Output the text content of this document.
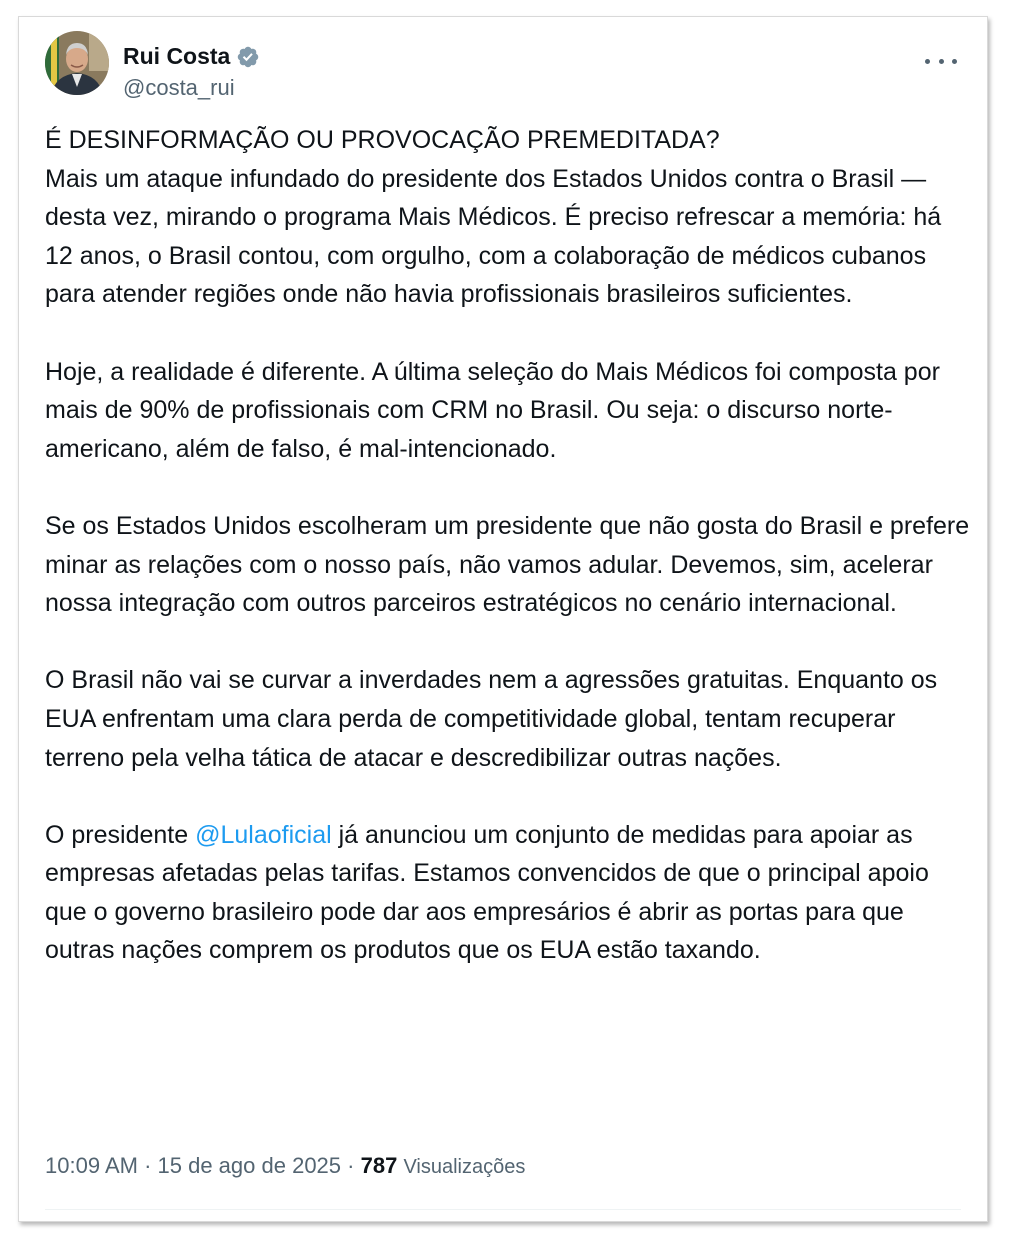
Rui Costa
@costa_rui
É DESINFORMAÇÃO OU PROVOCAÇÃO PREMEDITADA?
Mais um ataque infundado do presidente dos Estados Unidos contra o Brasil — desta vez, mirando o programa Mais Médicos. É preciso refrescar a memória: há 12 anos, o Brasil contou, com orgulho, com a colaboração de médicos cubanos para atender regiões onde não havia profissionais brasileiros suficientes.
Hoje, a realidade é diferente. A última seleção do Mais Médicos foi composta por mais de 90% de profissionais com CRM no Brasil. Ou seja: o discurso norte-americano, além de falso, é mal-intencionado.
Se os Estados Unidos escolheram um presidente que não gosta do Brasil e prefere minar as relações com o nosso país, não vamos adular. Devemos, sim, acelerar nossa integração com outros parceiros estratégicos no cenário internacional.
O Brasil não vai se curvar a inverdades nem a agressões gratuitas. Enquanto os EUA enfrentam uma clara perda de competitividade global, tentam recuperar terreno pela velha tática de atacar e descredibilizar outras nações.
O presidente @Lulaoficial já anunciou um conjunto de medidas para apoiar as empresas afetadas pelas tarifas. Estamos convencidos de que o principal apoio que o governo brasileiro pode dar aos empresários é abrir as portas para que outras nações comprem os produtos que os EUA estão taxando.
10:09 AM · 15 de ago de 2025 · 787 Visualizações
